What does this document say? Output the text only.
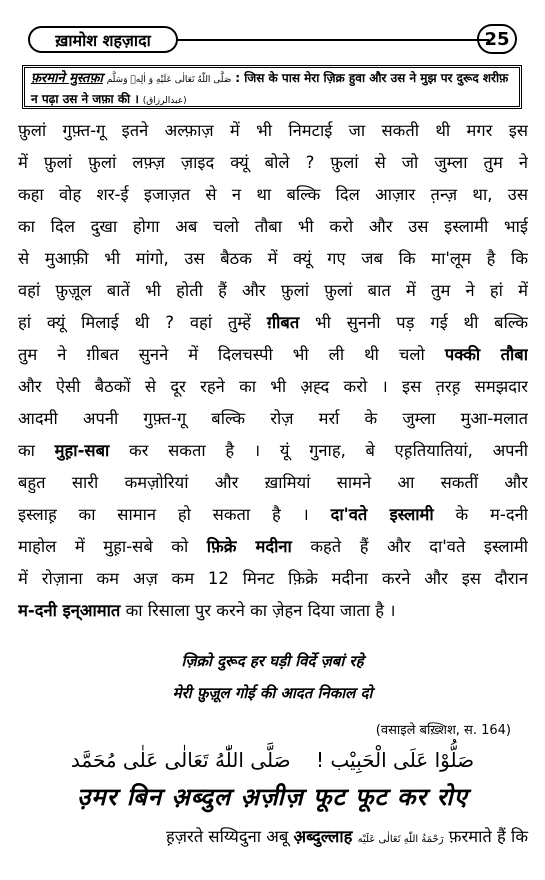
ख़ामोश शहज़ादा	25
फ़रमाने मुस्तफ़ा صَلَّى اللّٰهُ تَعَالٰى عَلَيْهِ وَ اٰلِهٖ وَسَلَّم : जिस के पास मेरा ज़िक्र हुवा और उस ने मुझ पर दुरूद शरीफ़ न पढ़ा उस ने जफ़ा की । (عبدالرزاق)
फ़ुलां गुफ़्त-गू इतने अल्फ़ाज़ में भी निमटाई जा सकती थी मगर इस
में फ़ुलां फ़ुलां लफ़्ज़ ज़ाइद क्यूं बोले ? फ़ुलां से जो जुम्ला तुम ने
कहा वोह शर-ई इजाज़त से न था बल्कि दिल आज़ार त़न्ज़ था, उस
का दिल दुखा होगा अब चलो तौबा भी करो और उस इस्लामी भाई
से मुआफ़ी भी मांगो, उस बैठक में क्यूं गए जब कि मा'लूम है कि
वहां फ़ुज़ूल बातें भी होती हैं और फ़ुलां फ़ुलां बात में तुम ने हां में
हां क्यूं मिलाई थी ? वहां तुम्हें ग़ीबत भी सुननी पड़ गई थी बल्कि
तुम ने ग़ीबत सुनने में दिलचस्पी भी ली थी चलो पक्की तौबा
और ऐसी बैठकों से दूर रहने का भी अ़ह्द करो । इस त़रह़ समझदार
आदमी अपनी गुफ़्त-गू बल्कि रोज़ मर्रा के जुम्ला मुआ-मलात
का मुह़ा-सबा कर सकता है । यूं गुनाह, बे एह़तियातियां, अपनी
बहुत सारी कमज़ोरियां और ख़ामियां सामने आ सकतीं और
इस्लाह़ का सामान हो सकता है । दा'वते इस्लामी के म-दनी
माहोल में मुह़ा-सबे को फ़िक्रे मदीना कहते हैं और दा'वते इस्लामी
में रोज़ाना कम अज़ कम 12 मिनट फ़िक्रे मदीना करने और इस दौरान
म-दनी इन्आमात का रिसाला पुर करने का ज़ेहन दिया जाता है ।
ज़िक्रो दुरूद हर घड़ी विर्दे ज़बां रहे
मेरी फ़ुज़ूल गोई की आदत निकाल दो
(वसाइले बख़्शिश, स. 164)
صَلُّوْا عَلَى الْحَبِيْب !    صَلَّى اللّٰهُ تَعَالٰى عَلٰى مُحَمَّد
उ़मर बिन अ़ब्दुल अ़ज़ीज़ फूट फूट कर रोए
ह़ज़रते सय्यिदुना अबू अ़ब्दुल्लाह رَحْمَةُ اللّٰهِ تَعَالٰى عَلَيْه फ़रमाते हैं कि
